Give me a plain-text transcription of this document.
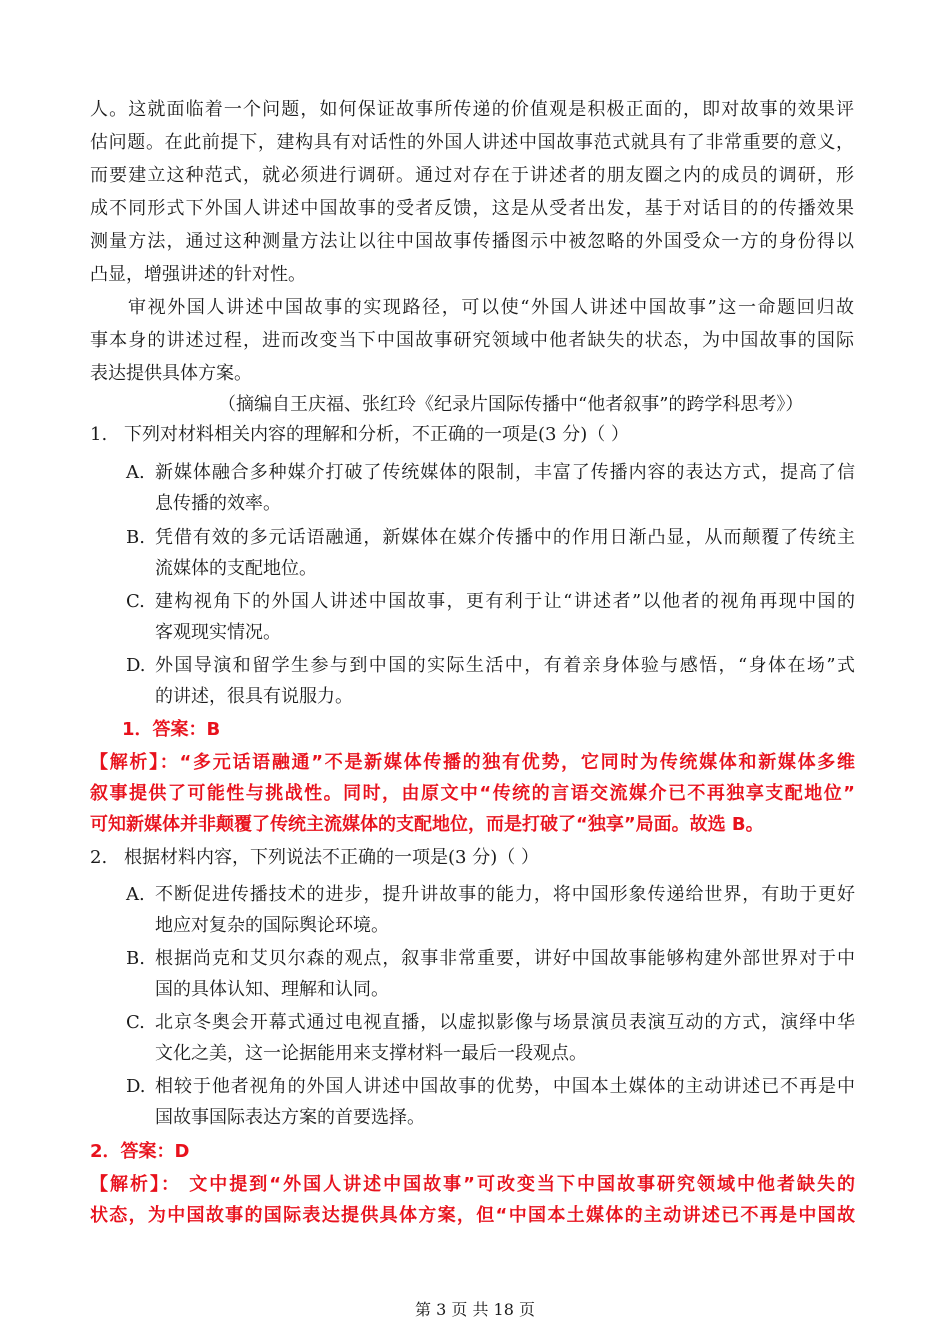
人。这就面临着一个问题，如何保证故事所传递的价值观是积极正面的，即对故事的效果评
估问题。在此前提下，建构具有对话性的外国人讲述中国故事范式就具有了非常重要的意义，
而要建立这种范式，就必须进行调研。通过对存在于讲述者的朋友圈之内的成员的调研，形
成不同形式下外国人讲述中国故事的受者反馈，这是从受者出发，基于对话目的的传播效果
测量方法，通过这种测量方法让以往中国故事传播图示中被忽略的外国受众一方的身份得以
凸显，增强讲述的针对性。
审视外国人讲述中国故事的实现路径，可以使“外国人讲述中国故事”这一命题回归故
事本身的讲述过程，进而改变当下中国故事研究领域中他者缺失的状态，为中国故事的国际
表达提供具体方案。
（摘编自王庆福、张红玲《纪录片国际传播中“他者叙事”的跨学科思考》）
1. 下列对材料相关内容的理解和分析，不正确的一项是(3 分)（ ）
A. 新媒体融合多种媒介打破了传统媒体的限制，丰富了传播内容的表达方式，提高了信
息传播的效率。
B. 凭借有效的多元话语融通，新媒体在媒介传播中的作用日渐凸显，从而颠覆了传统主
流媒体的支配地位。
C. 建构视角下的外国人讲述中国故事，更有利于让“讲述者”以他者的视角再现中国的
客观现实情况。
D. 外国导演和留学生参与到中国的实际生活中，有着亲身体验与感悟，“身体在场”式
的讲述，很具有说服力。
1．答案：B
【解析】：“多元话语融通”不是新媒体传播的独有优势，它同时为传统媒体和新媒体多维
叙事提供了可能性与挑战性。同时，由原文中“传统的言语交流媒介已不再独享支配地位”
可知新媒体并非颠覆了传统主流媒体的支配地位，而是打破了“独享”局面。故选 B。
2. 根据材料内容，下列说法不正确的一项是(3 分)（ ）
A. 不断促进传播技术的进步，提升讲故事的能力，将中国形象传递给世界，有助于更好
地应对复杂的国际舆论环境。
B. 根据尚克和艾贝尔森的观点，叙事非常重要，讲好中国故事能够构建外部世界对于中
国的具体认知、理解和认同。
C. 北京冬奥会开幕式通过电视直播，以虚拟影像与场景演员表演互动的方式，演绎中华
文化之美，这一论据能用来支撑材料一最后一段观点。
D. 相较于他者视角的外国人讲述中国故事的优势，中国本土媒体的主动讲述已不再是中
国故事国际表达方案的首要选择。
2．答案：D
【解析】： 文中提到“外国人讲述中国故事”可改变当下中国故事研究领域中他者缺失的
状态，为中国故事的国际表达提供具体方案，但“中国本土媒体的主动讲述已不再是中国故
第 3 页 共 18 页
